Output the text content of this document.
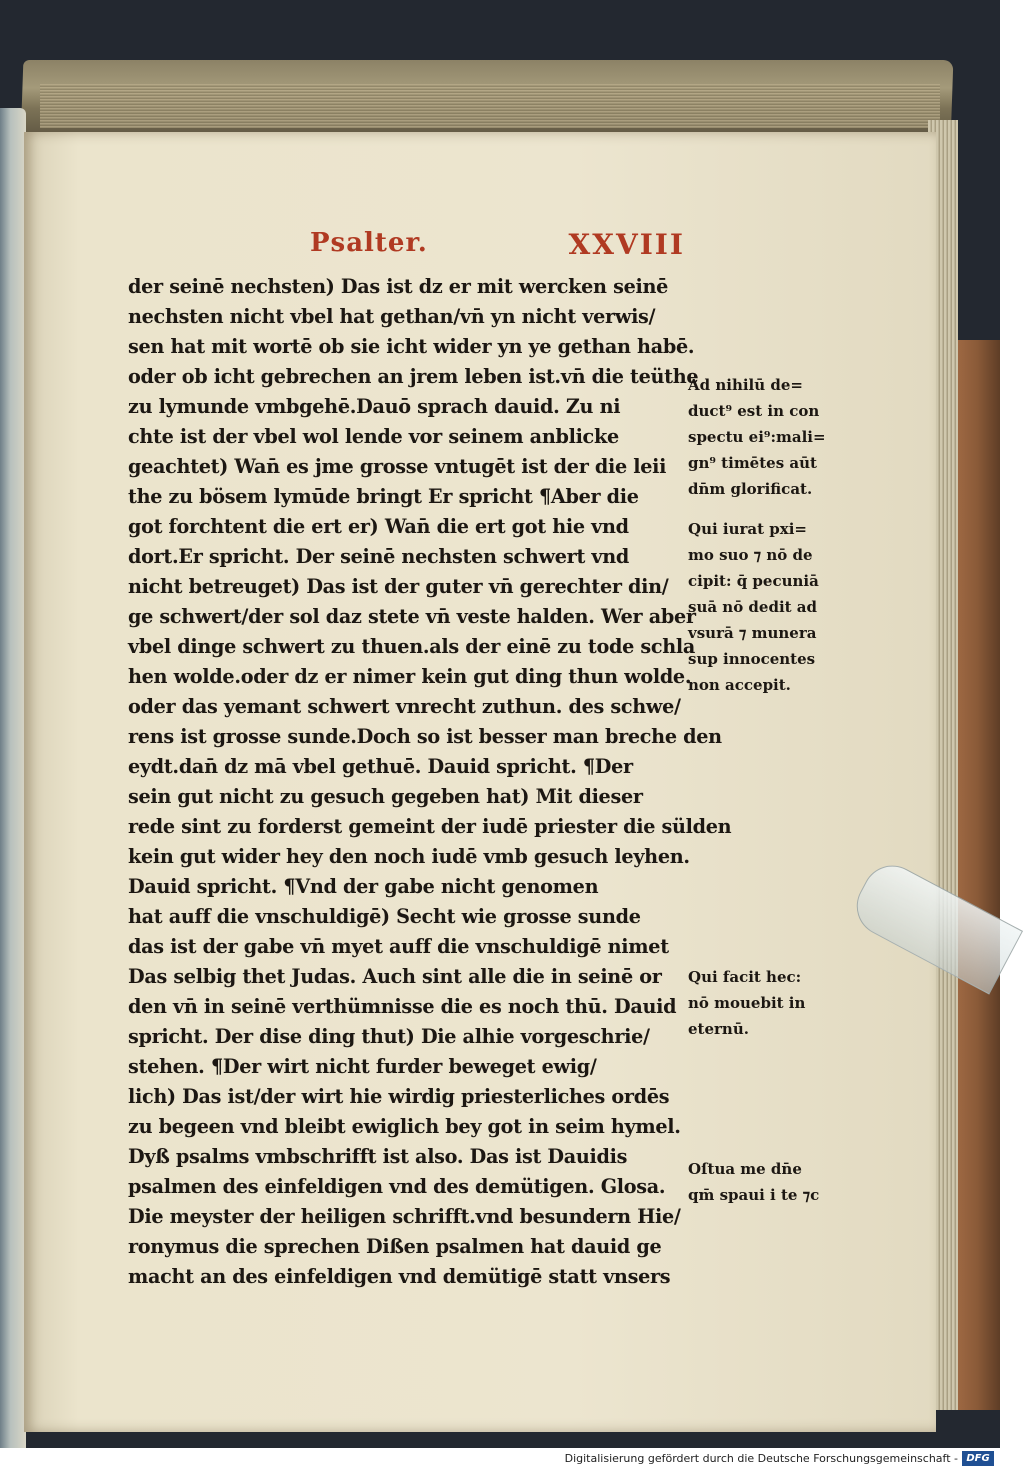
Psalter.	XXVIII
der seinē nechsten) Das ist dz er mit wercken seinē
nechsten nicht vbel hat gethan/vn̄ yn nicht verwis/
sen hat mit wortē ob sie icht wider yn ye gethan habē.
oder ob icht gebrechen an jrem leben ist.vn̄ die teüthe
zu lymunde vmbgehē.Dauō sprach dauid. Zu ni
chte ist der vbel wol lende vor seinem anblicke
geachtet) Wan̄ es jme grosse vntugēt ist der die leii
the zu bösem lymūde bringt Er spricht ¶Aber die
got forchtent die ert er) Wan̄ die ert got hie vnd
dort.Er spricht. Der seinē nechsten schwert vnd
nicht betreuget) Das ist der guter vn̄ gerechter din/
ge schwert/der sol daz stete vn̄ veste halden. Wer aber
vbel dinge schwert zu thuen.als der einē zu tode schla
hen wolde.oder dz er nimer kein gut ding thun wolde.
oder das yemant schwert vnrecht zuthun. des schwe/
rens ist grosse sunde.Doch so ist besser man breche den
eydt.dan̄ dz mā vbel gethuē. Dauid spricht. ¶Der
sein gut nicht zu gesuch gegeben hat) Mit dieser
rede sint zu forderst gemeint der iudē priester die sülden
kein gut wider hey den noch iudē vmb gesuch leyhen.
Dauid spricht. ¶Vnd der gabe nicht genomen
hat auff die vnschuldigē) Secht wie grosse sunde
das ist der gabe vn̄ myet auff die vnschuldigē nimet
Das selbig thet Judas. Auch sint alle die in seinē or
den vn̄ in seinē verthümnisse die es noch thū. Dauid
spricht. Der dise ding thut) Die alhie vorgeschrie/
stehen. ¶Der wirt nicht furder beweget ewig/
lich) Das ist/der wirt hie wirdig priesterliches ordēs
zu begeen vnd bleibt ewiglich bey got in seim hymel.
Dyß psalms vmbschrifft ist also. Das ist Dauidis
psalmen des einfeldigen vnd des demütigen. Glosa.
Die meyster der heiligen schrifft.vnd besundern Hie/
ronymus die sprechen Dißen psalmen hat dauid ge
macht an des einfeldigen vnd demütigē statt vnsers
Ad nihilū de=
duct⁹ est in con
spectu ei⁹:mali=
gn⁹ timētes aūt
dn̄m glorificat.
Qui iurat pxi=
mo suo ⁊ nō de
cipit: q̄ pecuniā
suā nō dedit ad
vsurā ⁊ munera
sup innocentes
non accepit.
Qui facit hec:
nō mouebit in
eternū.
Oſtua me dn̄e
qm̄ spaui i te ⁊c
Digitalisierung gefördert durch die Deutsche Forschungsgemeinschaft - DFG
